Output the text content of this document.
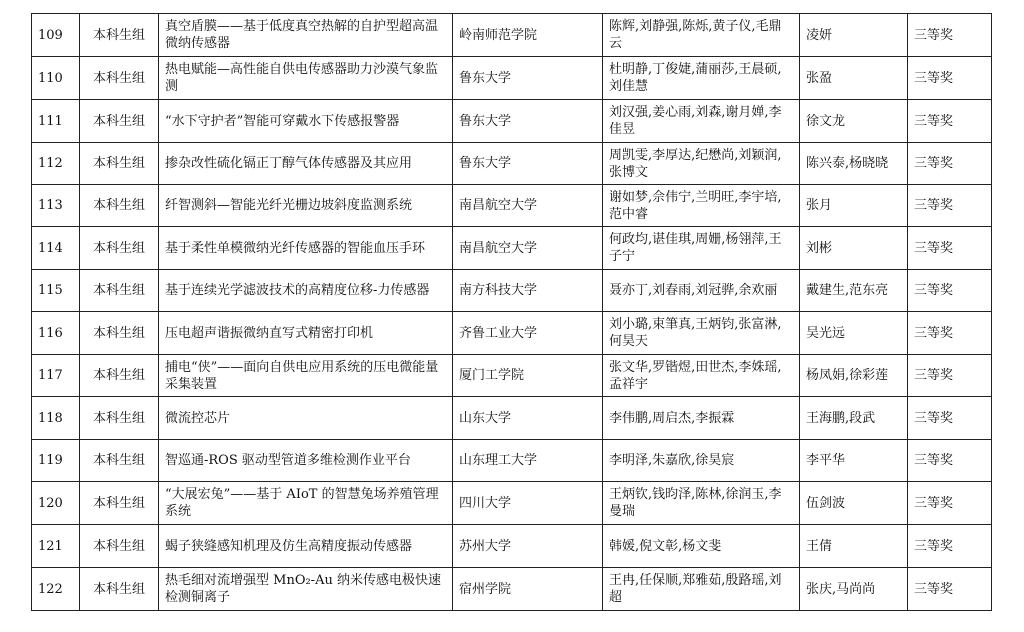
109	本科生组	真空盾膜——基于低度真空热解的自护型超高温微纳传感器	岭南师范学院	陈辉,刘静强,陈烁,黄子仪,毛鼎云	凌妍	三等奖
110	本科生组	热电赋能—高性能自供电传感器助力沙漠气象监测	鲁东大学	杜明静,丁俊婕,蒲丽莎,王晨硕,刘佳慧	张盈	三等奖
111	本科生组	“水下守护者”智能可穿戴水下传感报警器	鲁东大学	刘汉强,姜心雨,刘森,谢月婵,李佳昱	徐文龙	三等奖
112	本科生组	掺杂改性硫化镉正丁醇气体传感器及其应用	鲁东大学	周凯雯,李厚达,纪懋尚,刘颖润,张博文	陈兴泰,杨晓晓	三等奖
113	本科生组	纤智测斜—智能光纤光栅边坡斜度监测系统	南昌航空大学	谢如梦,佘伟宁,兰明旺,李宇培,范中睿	张月	三等奖
114	本科生组	基于柔性单模微纳光纤传感器的智能血压手环	南昌航空大学	何政均,谌佳琪,周姗,杨翎萍,王子宁	刘彬	三等奖
115	本科生组	基于连续光学滤波技术的高精度位移-力传感器	南方科技大学	聂亦丁,刘春雨,刘冠骅,余欢丽	戴建生,范东亮	三等奖
116	本科生组	压电超声谐振微纳直写式精密打印机	齐鲁工业大学	刘小璐,束筆真,王炳钧,张富淋,何昊天	吴光远	三等奖
117	本科生组	捕电“侠”——面向自供电应用系统的压电微能量采集装置	厦门工学院	张文华,罗锴煜,田世杰,李姝瑶,孟祥宇	杨凤娟,徐彩莲	三等奖
118	本科生组	微流控芯片	山东大学	李伟鹏,周启杰,李振霖	王海鹏,段武	三等奖
119	本科生组	智巡通-ROS 驱动型管道多维检测作业平台	山东理工大学	李明泽,朱嘉欣,徐昊宸	李平华	三等奖
120	本科生组	“大展宏兔”——基于 AIoT 的智慧兔场养殖管理系统	四川大学	王炳钦,钱昀泽,陈林,徐润玉,李曼瑞	伍剑波	三等奖
121	本科生组	蝎子狭缝感知机理及仿生高精度振动传感器	苏州大学	韩媛,倪文彰,杨文斐	王倩	三等奖
122	本科生组	热毛细对流增强型 MnO₂-Au 纳米传感电极快速检测铜离子	宿州学院	王冉,任保顺,郑雅茹,殷路瑶,刘超	张庆,马尚尚	三等奖
